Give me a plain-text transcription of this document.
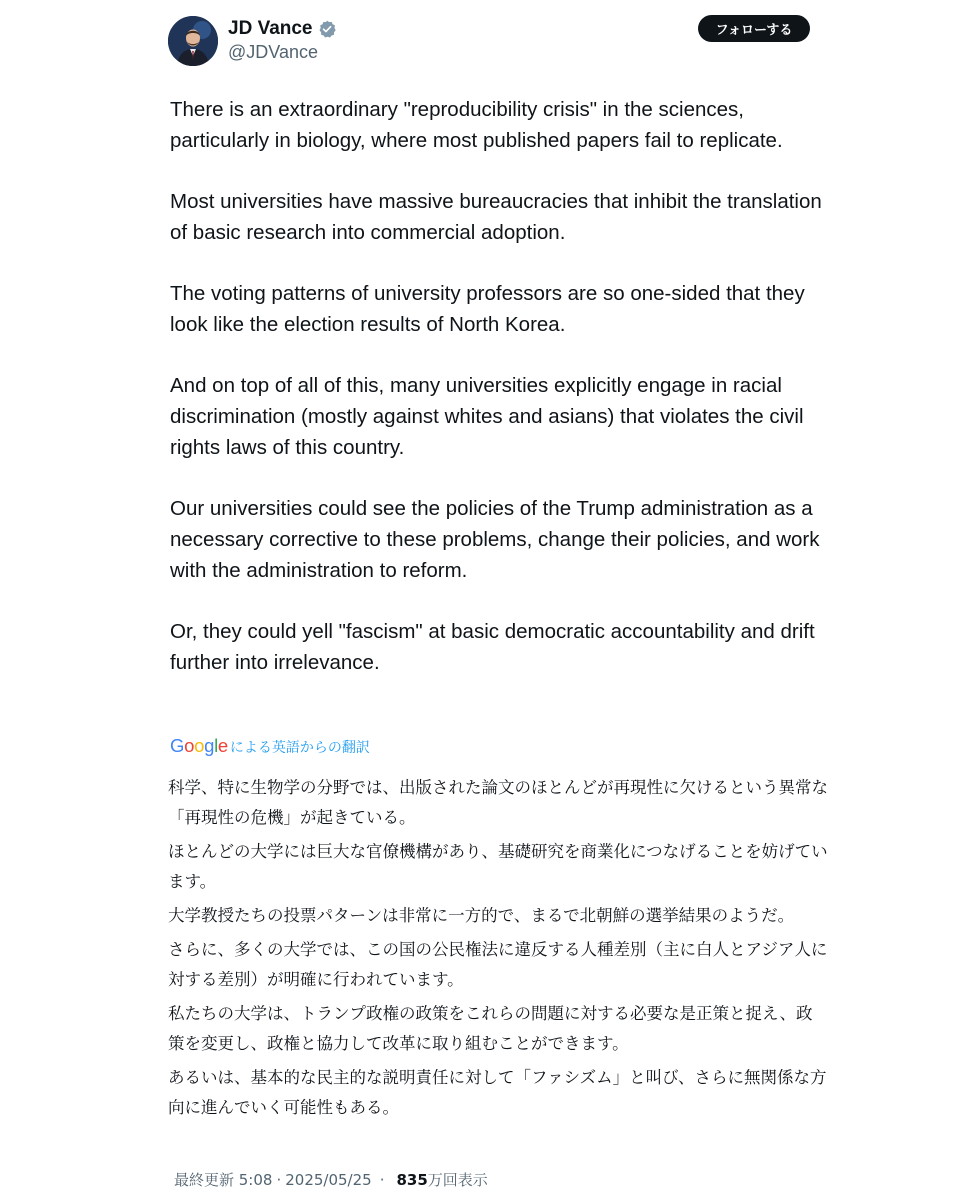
JD Vance
@JDVance
フォローする

There is an extraordinary "reproducibility crisis" in the sciences, particularly in biology, where most published papers fail to replicate.

Most universities have massive bureaucracies that inhibit the translation of basic research into commercial adoption.

The voting patterns of university professors are so one-sided that they look like the election results of North Korea.

And on top of all of this, many universities explicitly engage in racial discrimination (mostly against whites and asians) that violates the civil rights laws of this country.

Our universities could see the policies of the Trump administration as a necessary corrective to these problems, change their policies, and work with the administration to reform.

Or, they could yell "fascism" at basic democratic accountability and drift further into irrelevance.

Google による英語からの翻訳

科学、特に生物学の分野では、出版された論文のほとんどが再現性に欠けるという異常な「再現性の危機」が起きている。

ほとんどの大学には巨大な官僚機構があり、基礎研究を商業化につなげることを妨げています。

大学教授たちの投票パターンは非常に一方的で、まるで北朝鮮の選挙結果のようだ。

さらに、多くの大学では、この国の公民権法に違反する人種差別（主に白人とアジア人に対する差別）が明確に行われています。

私たちの大学は、トランプ政権の政策をこれらの問題に対する必要な是正策と捉え、政策を変更し、政権と協力して改革に取り組むことができます。

あるいは、基本的な民主的な説明責任に対して「ファシズム」と叫び、さらに無関係な方向に進んでいく可能性もある。

最終更新 5:08 · 2025/05/25 · 835 万回表示
